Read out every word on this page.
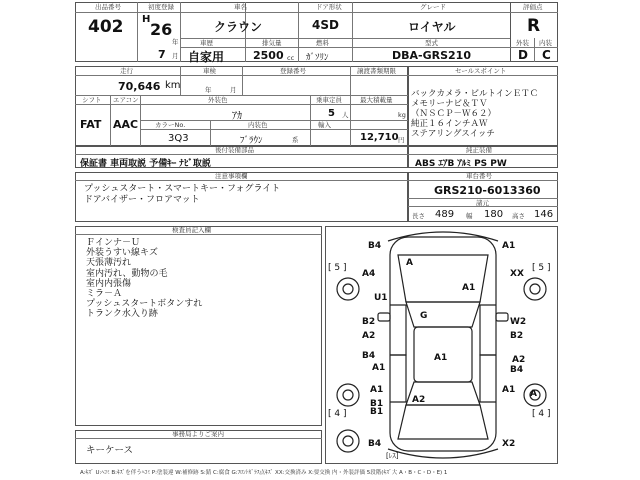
出品番号
402
初度登録
H
26
年
7 月
車名
クラウン
ドア形状
4SD
グレード
ロイヤル
評価点
R
車歴
自家用
排気量
2500 cc
燃料
ｶﾞｿﾘﾝ
型式
DBA-GRS210
外装 内装
D C
走行
70,646 km
車検
年	月
登録番号	譲渡書類期限
シフト エアコン	外装色	乗車定員	最大積載量
FAT AAC
ｱｶ	5 人	kg
カラーNo.	内装色	輸入
3Q3	ﾌﾞﾗｳﾝ	系	12,710 円
セールスポイント
バックカメラ・ビルトインＥＴＣ
メモリーナビ＆ＴＶ
（ＮＳＣＰ－Ｗ６２）
純正１６インチＡＷ
ステアリングスイッチ
後付装備部品
保証書 車両取説 予備ｷｰ ﾅﾋﾞ取説
純正装備
ABS ｴｱB ｱﾙﾐ PS PW
注意事項欄
プッシュスタート・スマートキー・フォグライト
ドアバイザー・フロアマット
車台番号
GRS210-6013360
諸元
長さ 489 幅 180 高さ 146
検査員記入欄
Ｆインナ－Ｕ
外装うすい線キズ
天張薄汚れ
室内汚れ、動物の毛
室内内張傷
ミラ－Ａ
プッシュスタートボタンすれ
トランク水入り跡
事務局よりご案内
キーケース
[ 5 ]	[ 5 ]
[ 4 ]	[ 4 ]
[ﾚｽ]
B4	A1
A
A4
A1
XX
U1
G
B2	W2
A2	B2
B4	A1	A2
A1	B4
A1	A1 A
B1	A2
B1
B4	X2
A:ｷｽﾞ U:ﾍｺﾐ B:ｷｽﾞを伴うﾍｺﾐ P:塗装違 W:補修跡 S:錆 C:腐食 G:ﾌﾛﾝﾄｶﾞﾗｽ点ｷｽﾞ XX:交換済み X:要交換 内・外装評価 5段階(ｷｽﾞ大 A・B・C・D・E) 1
